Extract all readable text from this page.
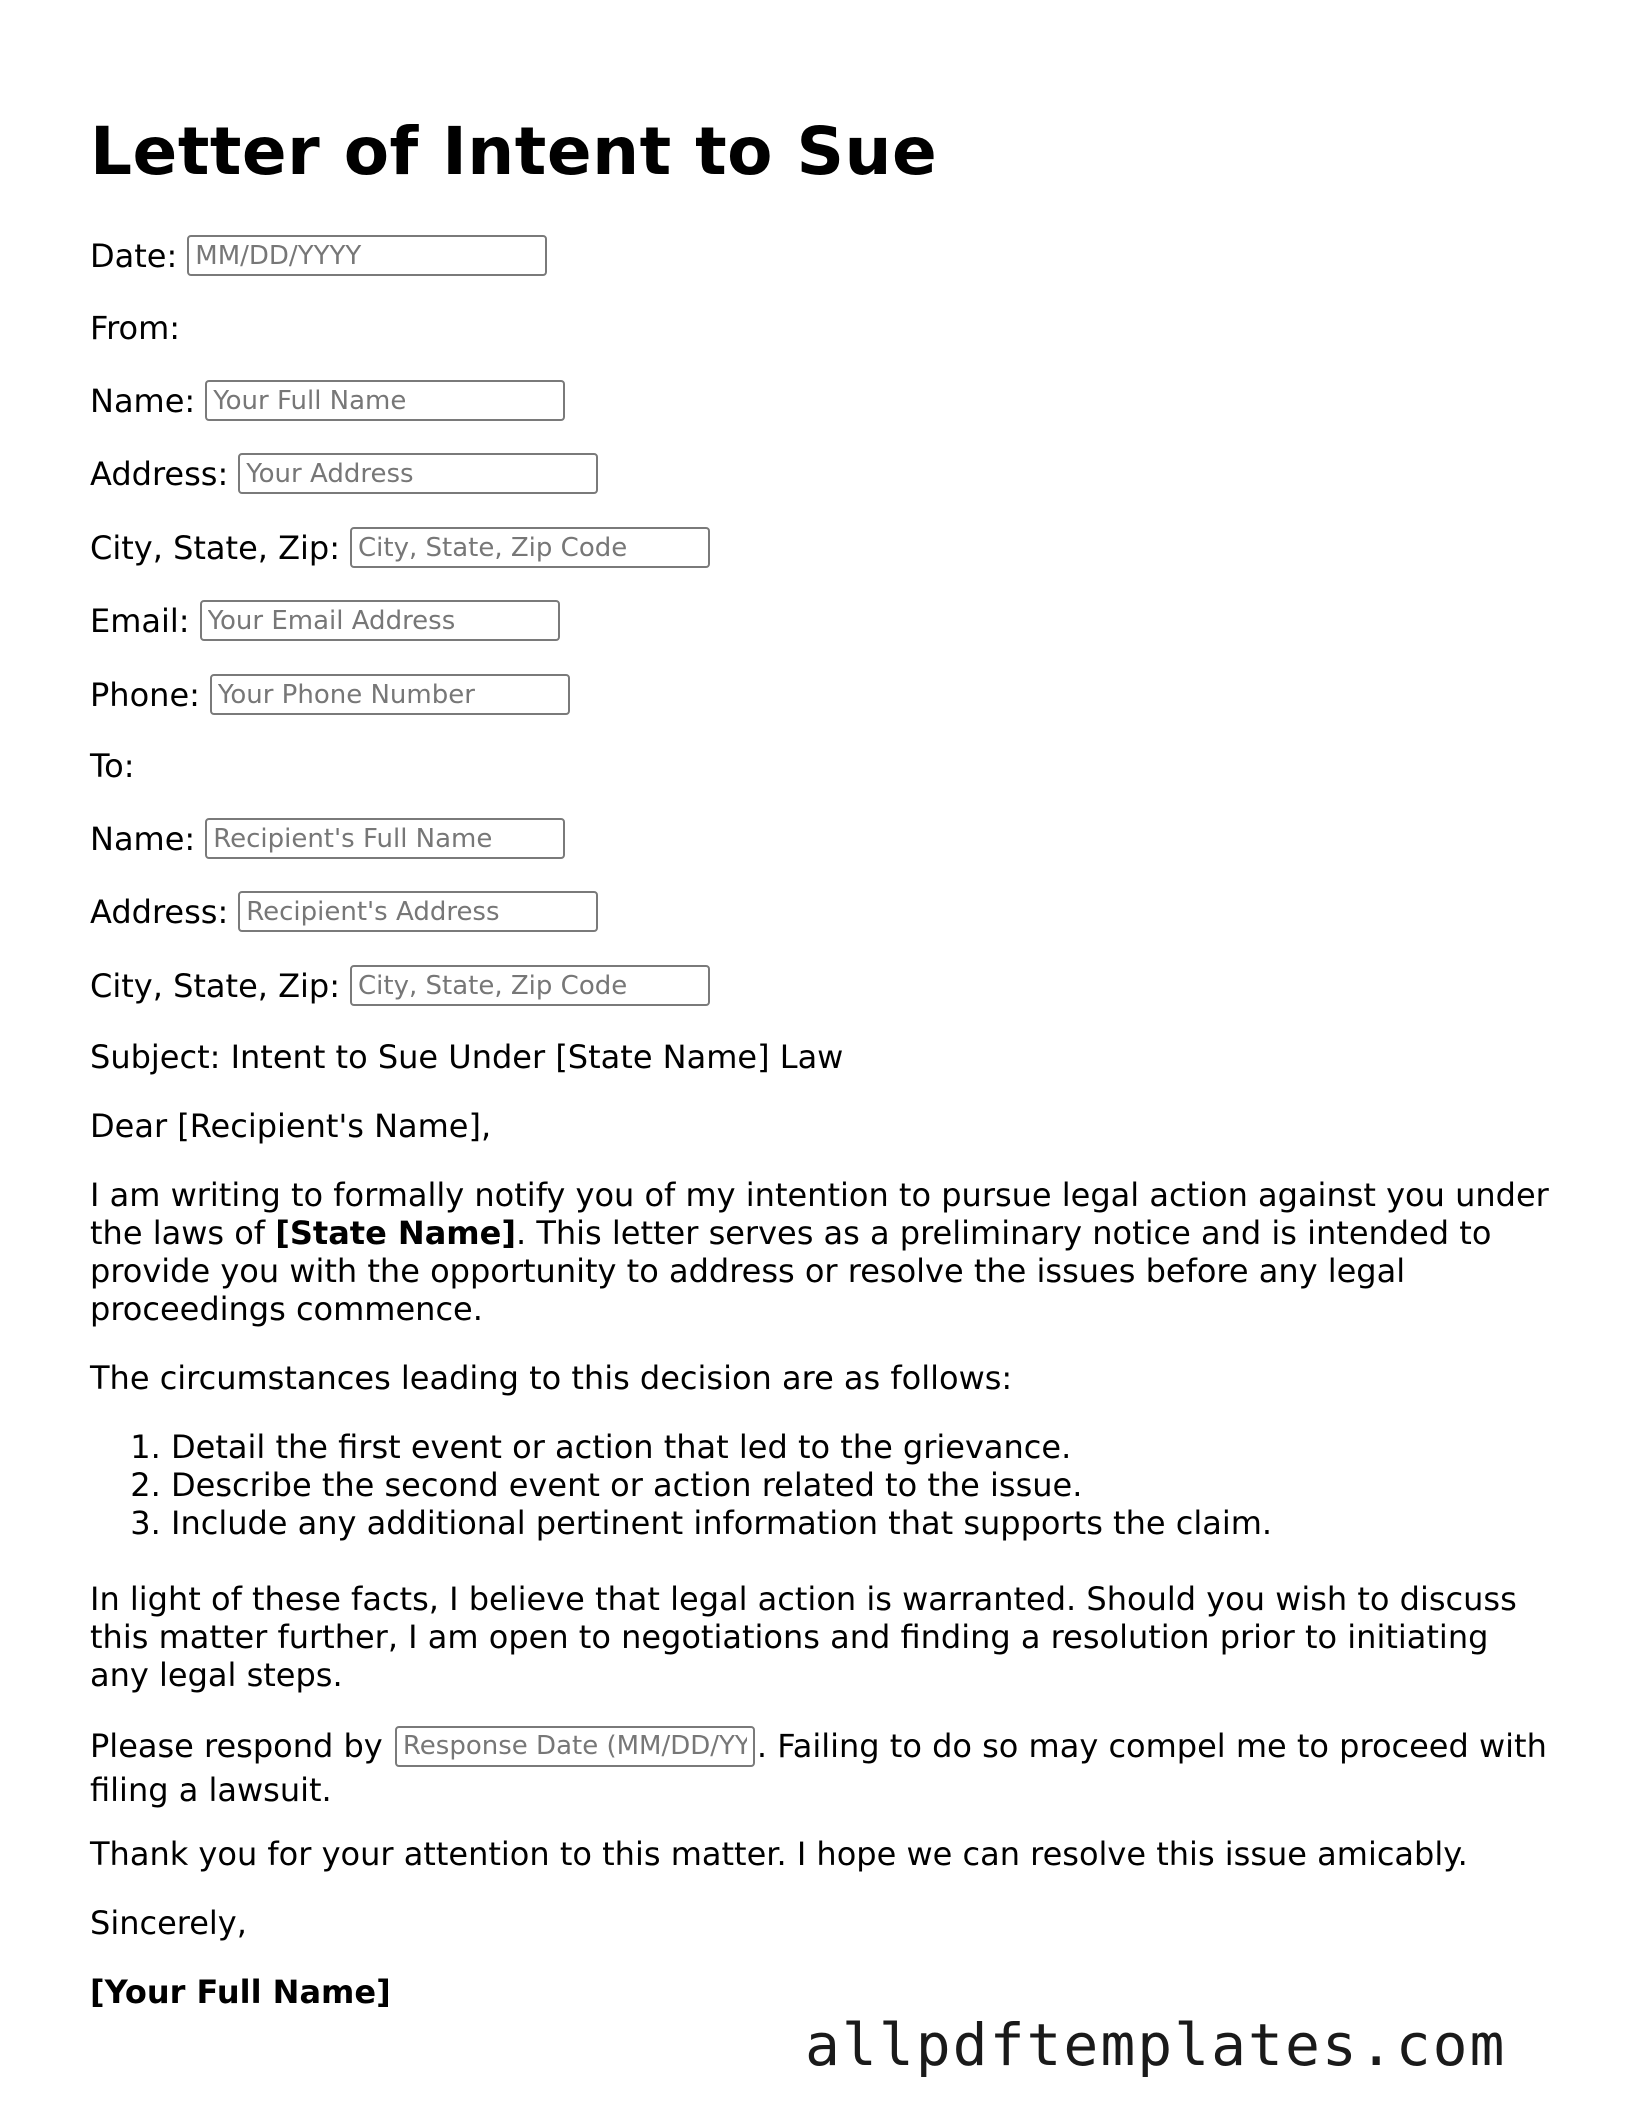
Letter of Intent to Sue
Date:
MM/DD/YYYY
From:
Name:
Your Full Name
Address:
Your Address
City, State, Zip:
City, State, Zip Code
Email:
Your Email Address
Phone:
Your Phone Number
To:
Name:
Recipient's Full Name
Address:
Recipient's Address
City, State, Zip:
City, State, Zip Code

Subject: Intent to Sue Under [State Name] Law

Dear [Recipient's Name],

I am writing to formally notify you of my intention to pursue legal action against you under the laws of [State Name]. This letter serves as a preliminary notice and is intended to provide you with the opportunity to address or resolve the issues before any legal proceedings commence.

The circumstances leading to this decision are as follows:

1. Detail the first event or action that led to the grievance.
2. Describe the second event or action related to the issue.
3. Include any additional pertinent information that supports the claim.

In light of these facts, I believe that legal action is warranted. Should you wish to discuss this matter further, I am open to negotiations and finding a resolution prior to initiating any legal steps.

Please respond by Response Date (MM/DD/YYYY)	. Failing to do so may compel me to proceed with filing a lawsuit.

Thank you for your attention to this matter. I hope we can resolve this issue amicably.

Sincerely,

[Your Full Name]

allpdftemplates.com
